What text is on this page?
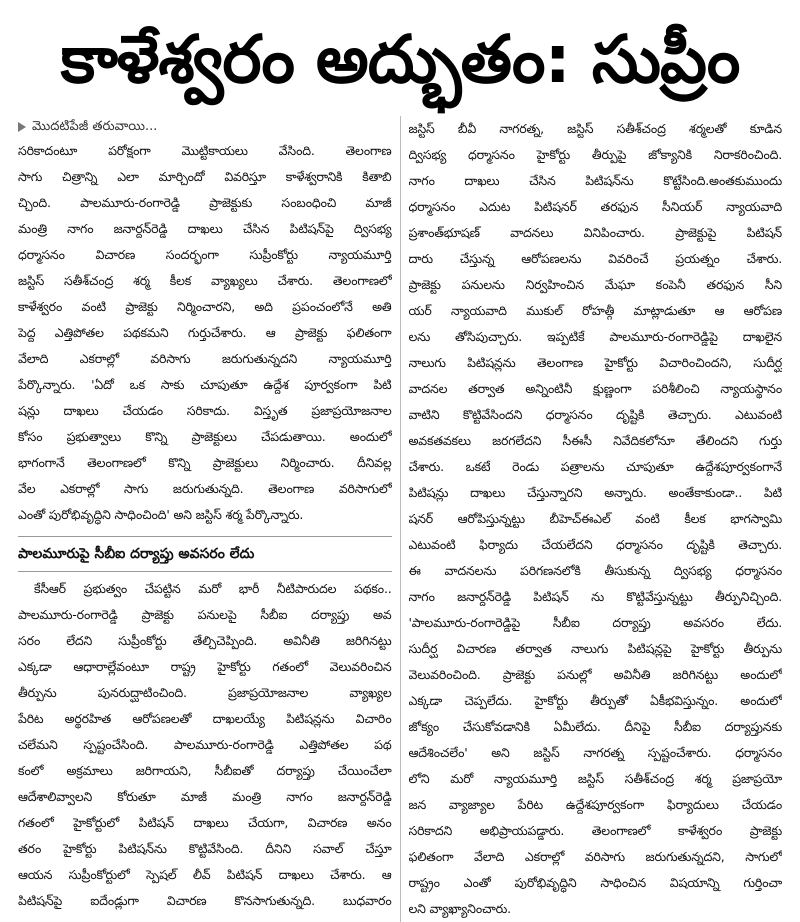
కాళేశ్వరం అద్భుతం: సుప్రీం
మొదటిపేజీ తరువాయి...
సరికాదంటూ పరోక్షంగా మొట్టికాయలు వేసింది. తెలంగాణ
సాగు చిత్రాన్ని ఎలా మార్చిందో వివరిస్తూ కాళేశ్వరానికి కితాబి
చ్చింది. పాలమూరు-రంగారెడ్డి ప్రాజెక్టుకు సంబంధించి మాజీ
మంత్రి నాగం జనార్దన్‌రెడ్డి దాఖలు చేసిన పిటిషన్‌పై ద్విసభ్య
ధర్మాసనం విచారణ సందర్భంగా సుప్రీంకోర్టు న్యాయమూర్తి
జస్టిస్ సతీశ్‌చంద్ర శర్మ కీలక వ్యాఖ్యలు చేశారు. తెలంగాణలో
కాళేశ్వరం వంటి ప్రాజెక్టు నిర్మించారని, అది ప్రపంచంలోనే అతి
పెద్ద ఎత్తిపోతల పథకమని గుర్తుచేశారు. ఆ ప్రాజెక్టు ఫలితంగా
వేలాది ఎకరాల్లో వరిసాగు జరుగుతున్నదని న్యాయమూర్తి
పేర్కొన్నారు. 'ఏదో ఒక సాకు చూపుతూ ఉద్దేశ పూర్వకంగా పిటి
షన్లు దాఖలు చేయడం సరికాదు. విస్తృత ప్రజాప్రయోజనాల
కోసం ప్రభుత్వాలు కొన్ని ప్రాజెక్టులు చేపడుతాయి. అందులో
భాగంగానే తెలంగాణలో కొన్ని ప్రాజెక్టులు నిర్మించారు. దీనివల్ల
వేల ఎకరాల్లో సాగు జరుగుతున్నది. తెలంగాణ వరిసాగులో
ఎంతో పురోభివృద్ధిని సాధించింది' అని జస్టిస్ శర్మ పేర్కొన్నారు.
పాలమూరుపై సీబీఐ దర్యాప్తు అవసరం లేదు
కేసీఆర్ ప్రభుత్వం చేపట్టిన మరో భారీ నీటిపారుదల పథకం..
పాలమూరు-రంగారెడ్డి ప్రాజెక్టు పనులపై సీబీఐ దర్యాప్తు అవ
సరం లేదని సుప్రీంకోర్టు తేల్చిచెప్పింది. అవినీతి జరిగినట్టు
ఎక్కడా ఆధారాల్లేవంటూ రాష్ట్ర హైకోర్టు గతంలో వెలువరించిన
తీర్పును పునరుద్ఘాటించింది. ప్రజాప్రయోజనాల వ్యాఖ్యల
పేరిట అర్థరహిత ఆరోపణలతో దాఖలయ్యే పిటిషన్లను విచారిం
చలేమని స్పష్టంచేసింది. పాలమూరు-రంగారెడ్డి ఎత్తిపోతల పథ
కంలో అక్రమాలు జరిగాయని, సీబీఐతో దర్యాప్తు చేయించేలా
ఆదేశాలివ్వాలని కోరుతూ మాజీ మంత్రి నాగం జనార్దన్‌రెడ్డి
గతంలో హైకోర్టులో పిటిషన్ దాఖలు చేయగా, విచారణ అనం
తరం హైకోర్టు పిటిషన్‌ను కొట్టివేసింది. దీనిని సవాల్ చేస్తూ
ఆయన సుప్రీంకోర్టులో స్పెషల్ లీవ్ పిటిషన్ దాఖలు చేశారు. ఆ
పిటిషన్‌పై ఐదేండ్లుగా విచారణ కొనసాగుతున్నది. బుధవారం
జస్టిస్ బీవీ నాగరత్న, జస్టిస్ సతీశ్‌చంద్ర శర్మలతో కూడిన
ద్విసభ్య ధర్మాసనం హైకోర్టు తీర్పుపై జోక్యానికి నిరాకరించింది.
నాగం దాఖలు చేసిన పిటిషన్‌ను కొట్టేసింది.అంతకుముందు
ధర్మాసనం ఎదుట పిటిషనర్ తరఫున సీనియర్ న్యాయవాది
ప్రశాంత్‌భూషణ్ వాదనలు వినిపించారు. ప్రాజెక్టుపై పిటిషన్
దారు చేస్తున్న ఆరోపణలను వివరించే ప్రయత్నం చేశారు.
ప్రాజెక్టు పనులను నిర్వహించిన మేఘా కంపెనీ తరఫున సీని
యర్ న్యాయవాది ముకుల్ రోహత్గీ మాట్లాడుతూ ఆ ఆరోపణ
లను తోసిపుచ్చారు. ఇప్పటికే పాలమూరు-రంగారెడ్డిపై దాఖలైన
నాలుగు పిటిషన్లను తెలంగాణ హైకోర్టు విచారించిందని, సుదీర్ఘ
వాదనల తర్వాత అన్నింటినీ క్షుణ్ణంగా పరిశీలించి న్యాయస్థానం
వాటిని కొట్టివేసిందని ధర్మాసనం దృష్టికి తెచ్చారు. ఎటువంటి
అవకతవకలు జరగలేదని సీఈసీ నివేదికలోనూ తేలిందని గుర్తు
చేశారు. ఒకటే రెండు పత్రాలను చూపుతూ ఉద్దేశపూర్వకంగానే
పిటిషన్లు దాఖలు చేస్తున్నారని అన్నారు. అంతేకాకుండా.. పిటి
షనర్ ఆరోపిస్తున్నట్టు బీహెచ్ఈఎల్ వంటి కీలక భాగస్వామి
ఎటువంటి ఫిర్యాదు చేయలేదని ధర్మాసనం దృష్టికి తెచ్చారు.
ఈ వాదనలను పరిగణనలోకి తీసుకున్న ద్విసభ్య ధర్మాసనం
నాగం జనార్దన్‌రెడ్డి పిటిషన్ ను కొట్టివేస్తున్నట్టు తీర్పునిచ్చింది.
'పాలమూరు-రంగారెడ్డిపై సీబీఐ దర్యాప్తు అవసరం లేదు.
సుదీర్ఘ విచారణ తర్వాత నాలుగు పిటిషన్లపై హైకోర్టు తీర్పును
వెలువరించింది. ప్రాజెక్టు పనుల్లో అవినీతి జరిగినట్టు అందులో
ఎక్కడా చెప్పలేదు. హైకోర్టు తీర్పుతో ఏకీభవిస్తున్నం. అందులో
జోక్యం చేసుకోవడానికి ఏమీలేదు. దీనిపై సీబీఐ దర్యాప్తునకు
ఆదేశించలేం' అని జస్టిస్ నాగరత్న స్పష్టంచేశారు. ధర్మాసనం
లోని మరో న్యాయమూర్తి జస్టిస్ సతీశ్‌చంద్ర శర్మ ప్రజాప్రయో
జన వ్యాజ్యాల పేరిట ఉద్దేశపూర్వకంగా ఫిర్యాదులు చేయడం
సరికాదని అభిప్రాయపడ్డారు. తెలంగాణలో కాళేశ్వరం ప్రాజెక్టు
ఫలితంగా వేలాది ఎకరాల్లో వరిసాగు జరుగుతున్నదని, సాగులో
రాష్ట్రం ఎంతో పురోభివృద్ధిని సాధించిన విషయాన్ని గుర్తించా
లని వ్యాఖ్యానించారు.
